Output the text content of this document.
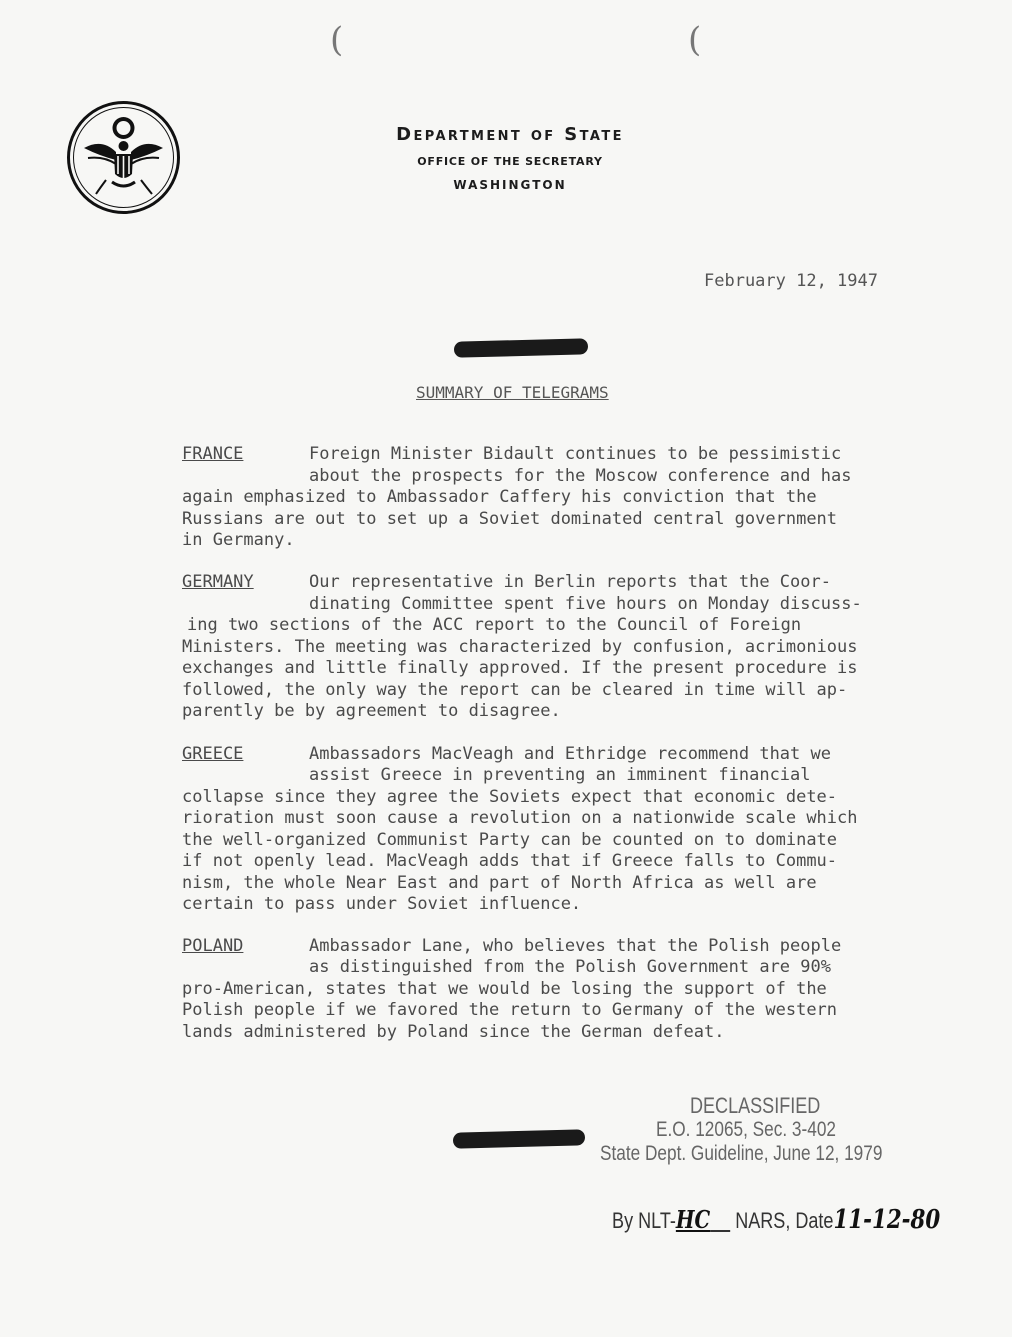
(	(
Department of State
OFFICE OF THE SECRETARY
WASHINGTON
February 12, 1947
SUMMARY OF TELEGRAMS
FRANCE	Foreign Minister Bidault continues to be pessimistic
about the prospects for the Moscow conference and has
again emphasized to Ambassador Caffery his conviction that the
Russians are out to set up a Soviet dominated central government
in Germany.
GERMANY	Our representative in Berlin reports that the Coor-
dinating Committee spent five hours on Monday discuss-
ing two sections of the ACC report to the Council of Foreign
Ministers. The meeting was characterized by confusion, acrimonious
exchanges and little finally approved. If the present procedure is
followed, the only way the report can be cleared in time will ap-
parently be by agreement to disagree.
GREECE	Ambassadors MacVeagh and Ethridge recommend that we
assist Greece in preventing an imminent financial
collapse since they agree the Soviets expect that economic dete-
rioration must soon cause a revolution on a nationwide scale which
the well-organized Communist Party can be counted on to dominate
if not openly lead. MacVeagh adds that if Greece falls to Commu-
nism, the whole Near East and part of North Africa as well are
certain to pass under Soviet influence.
POLAND	Ambassador Lane, who believes that the Polish people
as distinguished from the Polish Government are 90%
pro-American, states that we would be losing the support of the
Polish people if we favored the return to Germany of the western
lands administered by Poland since the German defeat.
DECLASSIFIED
E.O. 12065, Sec. 3-402
State Dept. Guideline, June 12, 1979

By NLT-HC NARS, Date11-12-80
